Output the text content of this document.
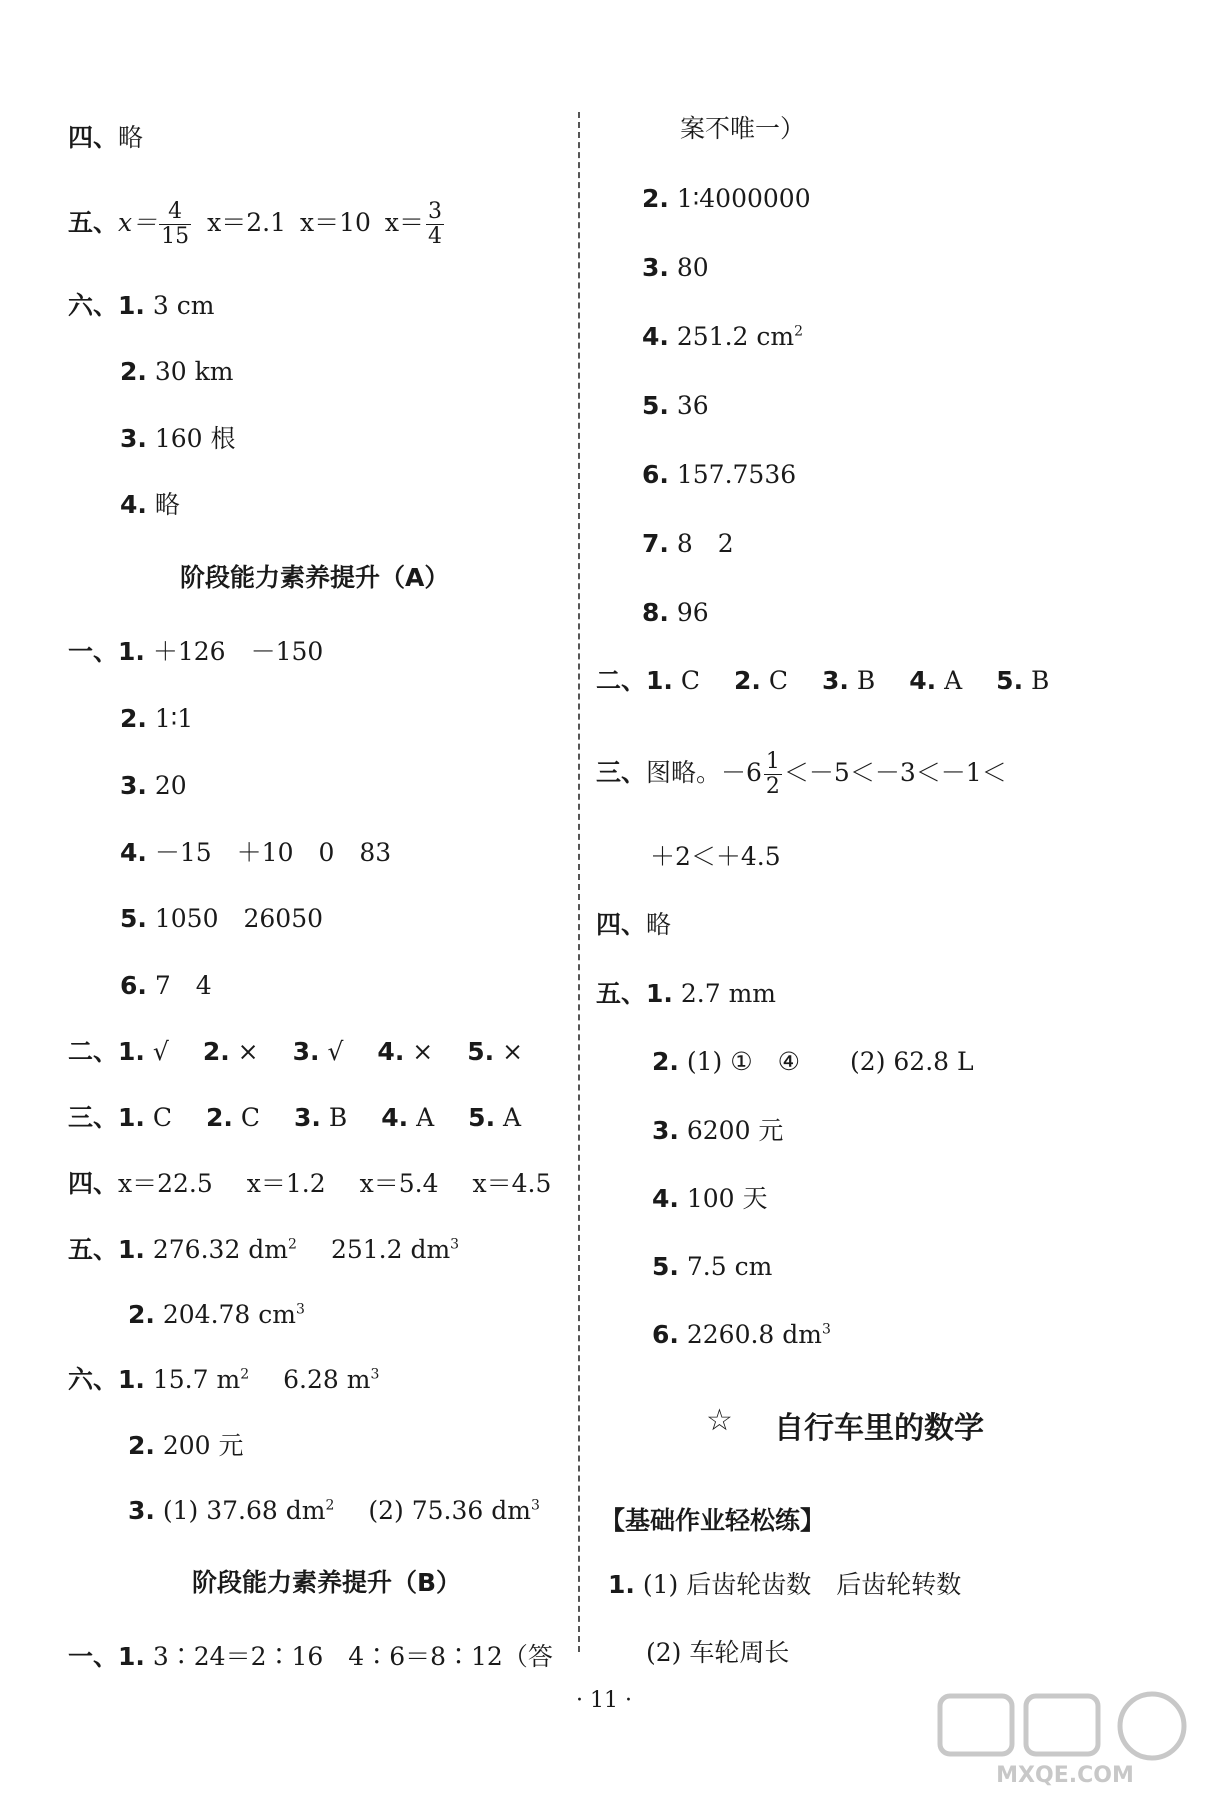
四、略
五、$x= \frac{4}{15} x=2.1$ x＝10 $x= \frac{3}{4}$
六、1. 3 cm
2. 30 km
3. 160 根
4. 略
阶段能力素养提升（A）
一、1. ＋126　－150
2. 1∶1
3. 20
4. －15　＋10　0　83
5. 1050　26050
6. 7　4
二、1. √ 2. × 3. √ 4. × 5. ×
三、1. C 2. C 3. B 4. A 5. A
四、x＝22.5 x＝1.2 x＝5.4 x＝4.5
五、1. 276.32 $dm^2$ 251.2 $dm^3$
2. 204.78 $cm^3$
六、1. 15.7 $m^2$ 6.28 $m^3$
2. 200 元
3. (1) 37.68 $dm^2$ (2) 75.36 $dm^3$
阶段能力素养提升（B）
一、1. 3∶24＝2∶16　4∶6＝8∶12（答
案不唯一）
2. 1∶4000000
3. 80
4. 251.2 $cm^2$
5. 36
6. 157.7536
7. 8　2
8. 96
二、1. C 2. C 3. B 4. A 5. B
三、图略。$-6 \frac{1}{2} <-5<-3<-1<$
＋2＜＋4.5
四、略
五、1. 2.7 mm
2. (1) ①　④　　(2) 62.8 L
3. 6200 元
4. 100 天
5. 7.5 cm
6. 2260.8 $dm^3$
☆ 自行车里的数学
【基础作业轻松练】
1. (1) 后齿轮齿数　后齿轮转数
(2) 车轮周长
· 11 ·
MXQE.COM
